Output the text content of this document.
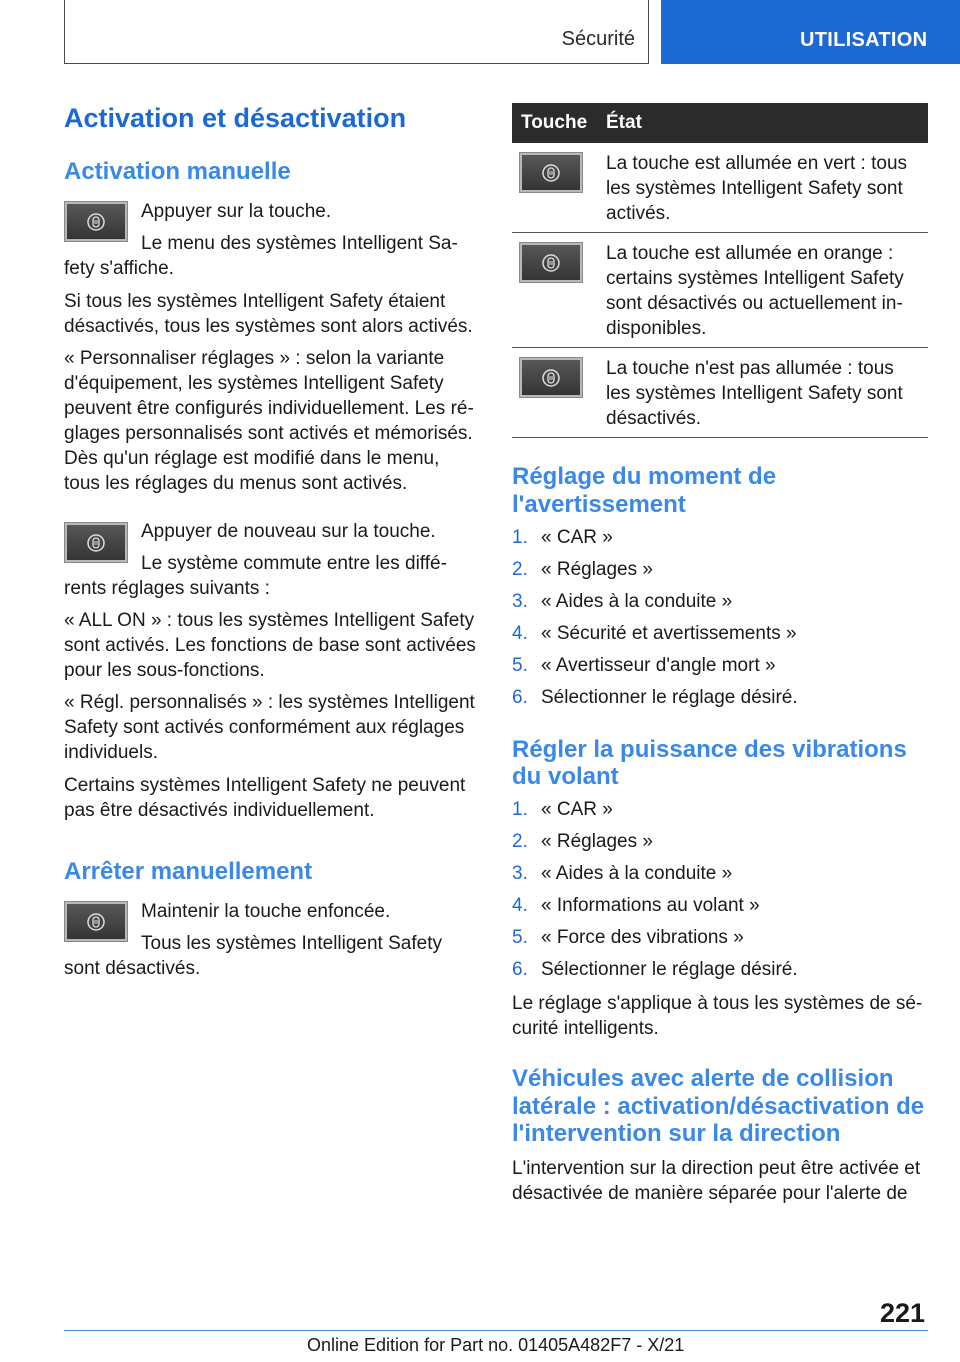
Sécurité	UTILISATION
Activation et désactivation
Activation manuelle
Appuyer sur la touche.
Le menu des systèmes Intelligent Sa-
fety s'affiche.
Si tous les systèmes Intelligent Safety étaient
désactivés, tous les systèmes sont alors activés.
« Personnaliser réglages » : selon la variante
d'équipement, les systèmes Intelligent Safety
peuvent être configurés individuellement. Les ré-
glages personnalisés sont activés et mémorisés.
Dès qu'un réglage est modifié dans le menu,
tous les réglages du menus sont activés.
Appuyer de nouveau sur la touche.
Le système commute entre les diffé-
rents réglages suivants :
« ALL ON » : tous les systèmes Intelligent Safety
sont activés. Les fonctions de base sont activées
pour les sous-fonctions.
« Régl. personnalisés » : les systèmes Intelligent
Safety sont activés conformément aux réglages
individuels.
Certains systèmes Intelligent Safety ne peuvent
pas être désactivés individuellement.
Arrêter manuellement
Maintenir la touche enfoncée.
Tous les systèmes Intelligent Safety
sont désactivés.
Touche État
La touche est allumée en vert : tous
les systèmes Intelligent Safety sont
activés.
La touche est allumée en orange :
certains systèmes Intelligent Safety
sont désactivés ou actuellement in-
disponibles.
La touche n'est pas allumée : tous
les systèmes Intelligent Safety sont
désactivés.
Réglage du moment de
l'avertissement
1. « CAR »
2. « Réglages »
3. « Aides à la conduite »
4. « Sécurité et avertissements »
5. « Avertisseur d'angle mort »
6. Sélectionner le réglage désiré.
Régler la puissance des vibrations
du volant
1. « CAR »
2. « Réglages »
3. « Aides à la conduite »
4. « Informations au volant »
5. « Force des vibrations »
6. Sélectionner le réglage désiré.
Le réglage s'applique à tous les systèmes de sé-
curité intelligents.
Véhicules avec alerte de collision
latérale : activation/désactivation de
l'intervention sur la direction
L'intervention sur la direction peut être activée et
désactivée de manière séparée pour l'alerte de
221
Online Edition for Part no. 01405A482F7 - X/21
